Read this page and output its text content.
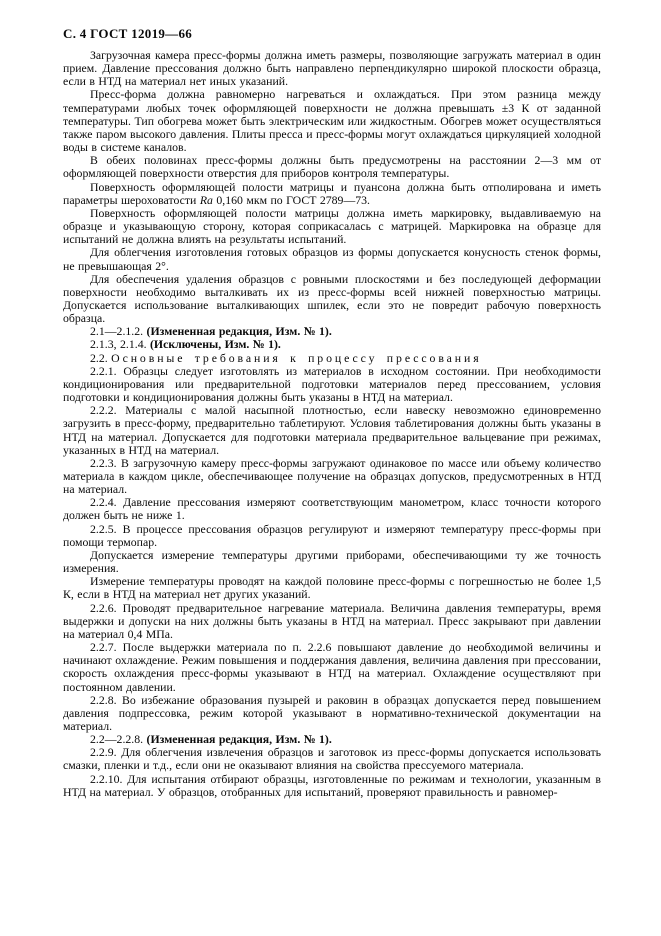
С. 4 ГОСТ 12019—66

Загрузочная камера пресс-формы должна иметь размеры, позволяющие загружать материал в один прием. Давление прессования должно быть направлено перпендикулярно широкой плоскости образца, если в НТД на материал нет иных указаний.

Пресс-форма должна равномерно нагреваться и охлаждаться. При этом разница между температурами любых точек оформляющей поверхности не должна превышать ±3 К от заданной температуры. Тип обогрева может быть электрическим или жидкостным. Обогрев может осуществляться также паром высокого давления. Плиты пресса и пресс-формы могут охлаждаться циркуляцией холодной воды в системе каналов.

В обеих половинах пресс-формы должны быть предусмотрены на расстоянии 2—3 мм от оформляющей поверхности отверстия для приборов контроля температуры.

Поверхность оформляющей полости матрицы и пуансона должна быть отполирована и иметь параметры шероховатости Ra 0,160 мкм по ГОСТ 2789—73.

Поверхность оформляющей полости матрицы должна иметь маркировку, выдавливаемую на образце и указывающую сторону, которая соприкасалась с матрицей. Маркировка на образце для испытаний не должна влиять на результаты испытаний.

Для облегчения изготовления готовых образцов из формы допускается конусность стенок формы, не превышающая 2°.

Для обеспечения удаления образцов с ровными плоскостями и без последующей деформации поверхности необходимо выталкивать их из пресс-формы всей нижней поверхностью матрицы. Допускается использование выталкивающих шпилек, если это не повредит рабочую поверхность образца.

2.1—2.1.2. (Измененная редакция, Изм. № 1).

2.1.3, 2.1.4. (Исключены, Изм. № 1).

2.2. Основные требования к процессу прессования

2.2.1. Образцы следует изготовлять из материалов в исходном состоянии. При необходимости кондиционирования или предварительной подготовки материалов перед прессованием, условия подготовки и кондиционирования должны быть указаны в НТД на материал.

2.2.2. Материалы с малой насыпной плотностью, если навеску невозможно единовременно загрузить в пресс-форму, предварительно таблетируют. Условия таблетирования должны быть указаны в НТД на материал. Допускается для подготовки материала предварительное вальцевание при режимах, указанных в НТД на материал.

2.2.3. В загрузочную камеру пресс-формы загружают одинаковое по массе или объему количество материала в каждом цикле, обеспечивающее получение на образцах допусков, предусмотренных в НТД на материал.

2.2.4. Давление прессования измеряют соответствующим манометром, класс точности которого должен быть не ниже 1.

2.2.5. В процессе прессования образцов регулируют и измеряют температуру пресс-формы при помощи термопар.

Допускается измерение температуры другими приборами, обеспечивающими ту же точность измерения.

Измерение температуры проводят на каждой половине пресс-формы с погрешностью не более 1,5 К, если в НТД на материал нет других указаний.

2.2.6. Проводят предварительное нагревание материала. Величина давления температуры, время выдержки и допуски на них должны быть указаны в НТД на материал. Пресс закрывают при давлении на материал 0,4 МПа.

2.2.7. После выдержки материала по п. 2.2.6 повышают давление до необходимой величины и начинают охлаждение. Режим повышения и поддержания давления, величина давления при прессовании, скорость охлаждения пресс-формы указывают в НТД на материал. Охлаждение осуществляют при постоянном давлении.

2.2.8. Во избежание образования пузырей и раковин в образцах допускается перед повышением давления подпрессовка, режим которой указывают в нормативно-технической документации на материал.

2.2—2.2.8. (Измененная редакция, Изм. № 1).

2.2.9. Для облегчения извлечения образцов и заготовок из пресс-формы допускается использовать смазки, пленки и т.д., если они не оказывают влияния на свойства прессуемого материала.

2.2.10. Для испытания отбирают образцы, изготовленные по режимам и технологии, указанным в НТД на материал. У образцов, отобранных для испытаний, проверяют правильность и равномер-
